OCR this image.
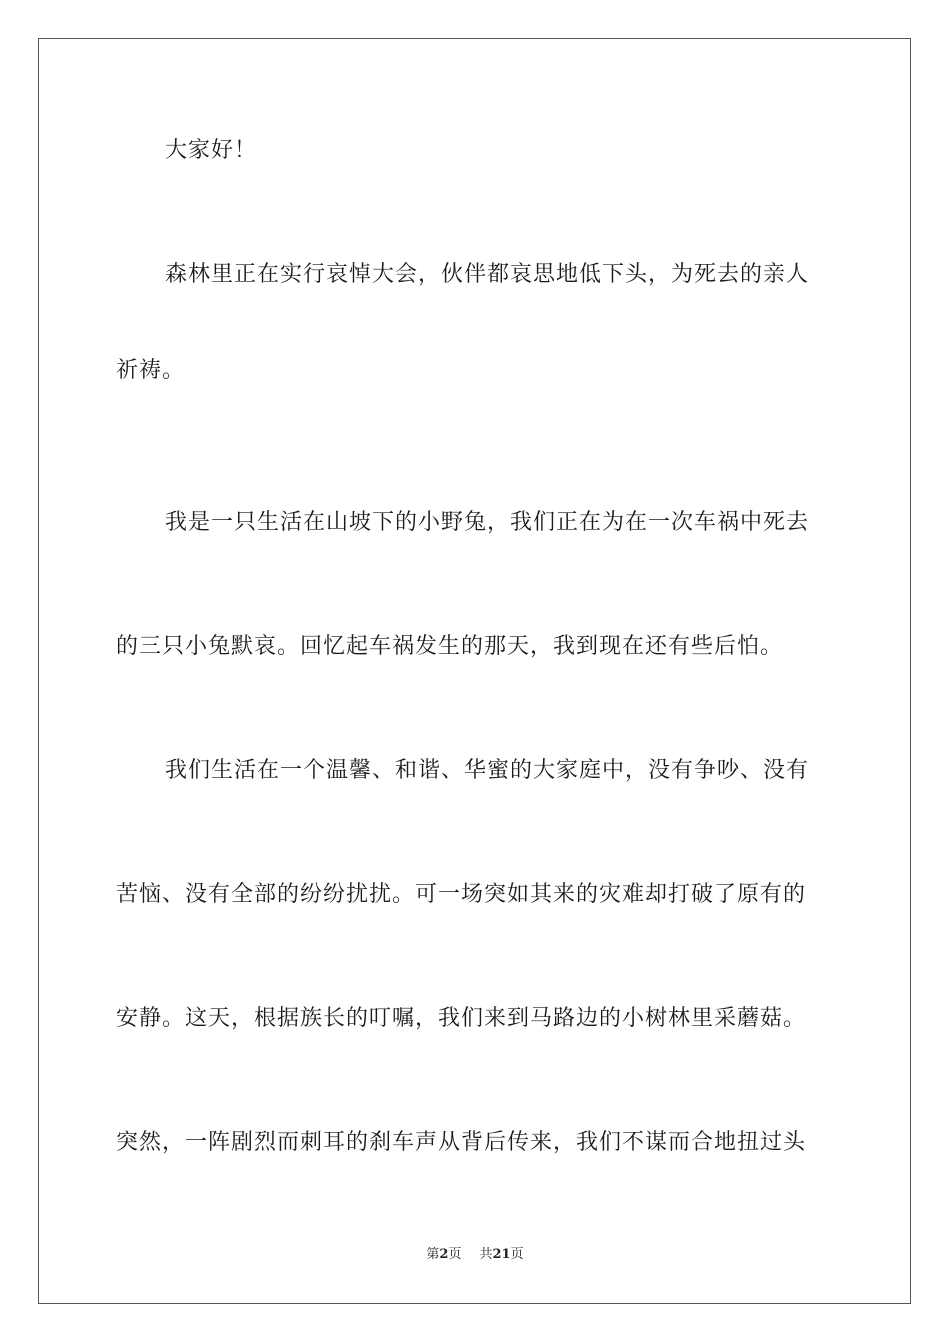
大家好！
森林里正在实行哀悼大会，伙伴都哀思地低下头，为死去的亲人
祈祷。
我是一只生活在山坡下的小野兔，我们正在为在一次车祸中死去
的三只小兔默哀。回忆起车祸发生的那天，我到现在还有些后怕。
我们生活在一个温馨、和谐、华蜜的大家庭中，没有争吵、没有
苦恼、没有全部的纷纷扰扰。可一场突如其来的灾难却打破了原有的
安静。这天，根据族长的叮嘱，我们来到马路边的小树林里采蘑菇。
突然，一阵剧烈而刺耳的刹车声从背后传来，我们不谋而合地扭过头
第2页 共21页
